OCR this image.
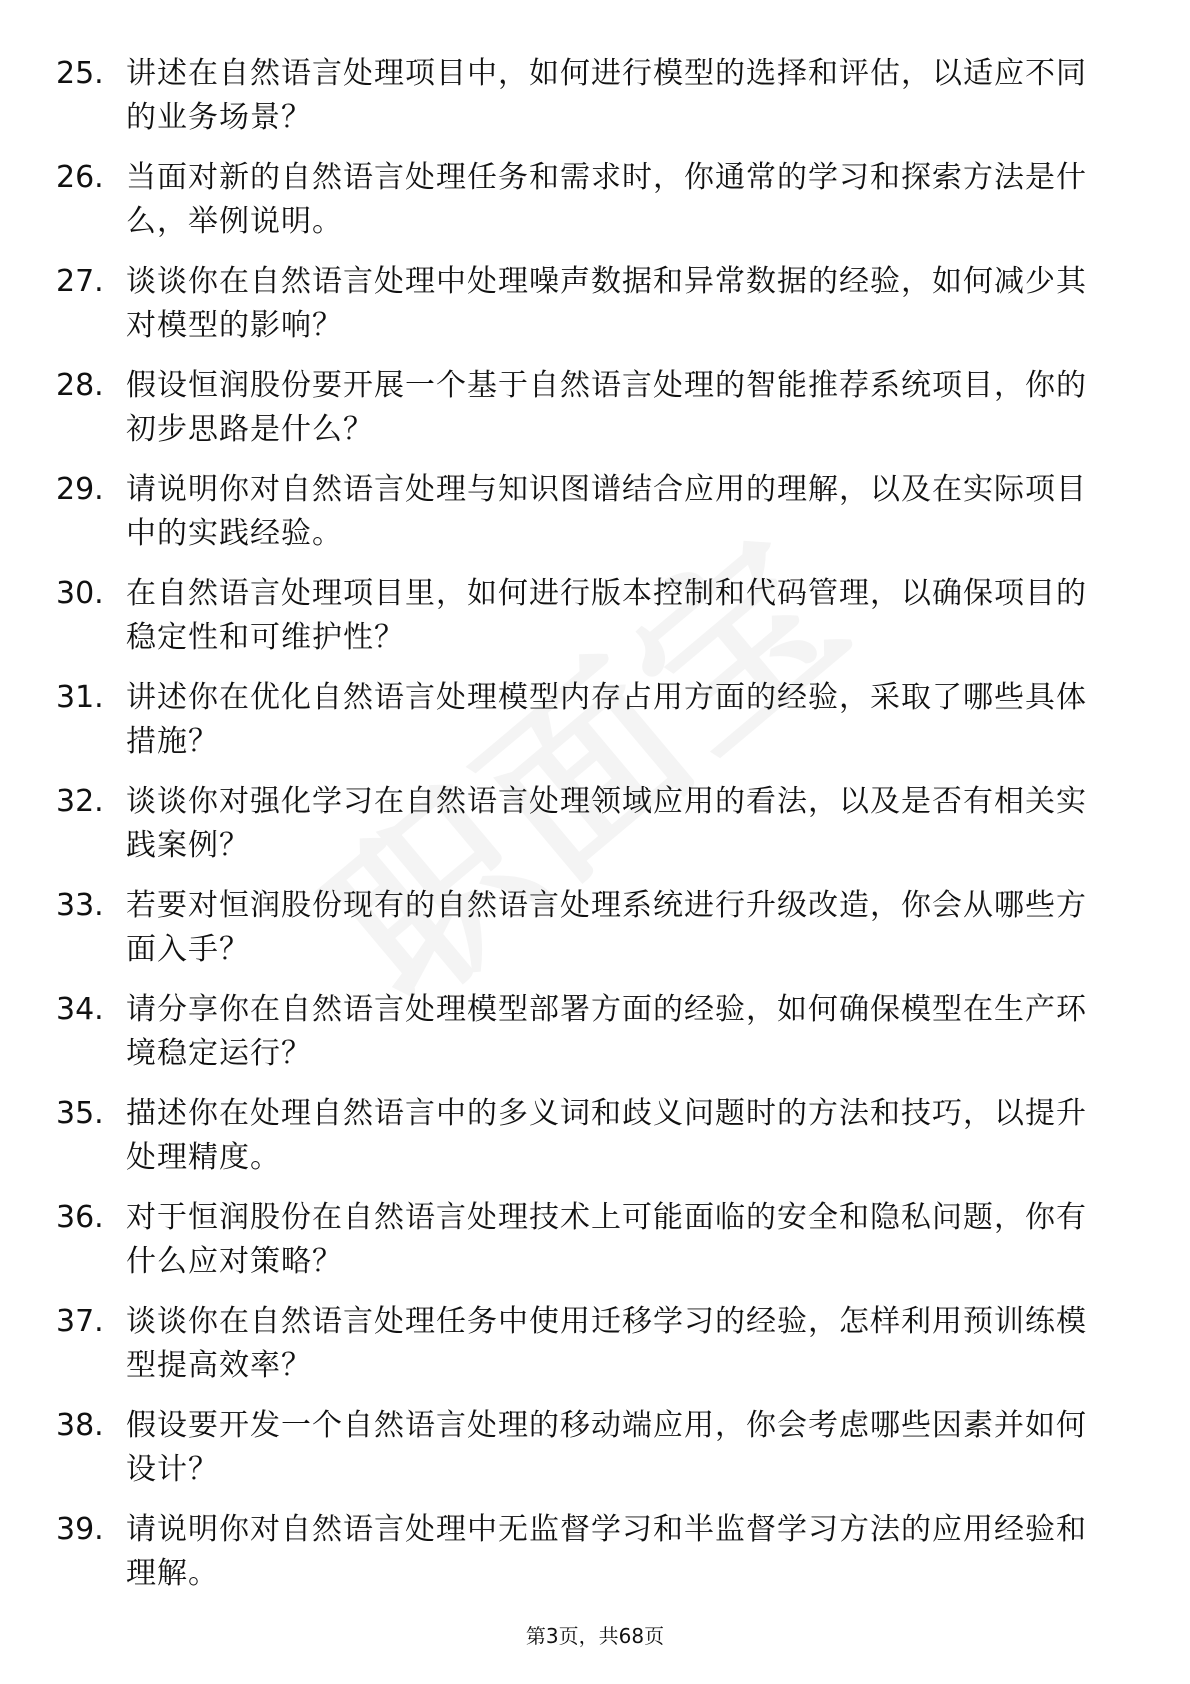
25. 讲述在自然语言处理项目中，如何进行模型的选择和评估，以适应不同的业务场景？
26. 当面对新的自然语言处理任务和需求时，你通常的学习和探索方法是什么，举例说明。
27. 谈谈你在自然语言处理中处理噪声数据和异常数据的经验，如何减少其对模型的影响？
28. 假设恒润股份要开展一个基于自然语言处理的智能推荐系统项目，你的初步思路是什么？
29. 请说明你对自然语言处理与知识图谱结合应用的理解，以及在实际项目中的实践经验。
30. 在自然语言处理项目里，如何进行版本控制和代码管理，以确保项目的稳定性和可维护性？
31. 讲述你在优化自然语言处理模型内存占用方面的经验，采取了哪些具体措施？
32. 谈谈你对强化学习在自然语言处理领域应用的看法，以及是否有相关实践案例？
33. 若要对恒润股份现有的自然语言处理系统进行升级改造，你会从哪些方面入手？
34. 请分享你在自然语言处理模型部署方面的经验，如何确保模型在生产环境稳定运行？
35. 描述你在处理自然语言中的多义词和歧义问题时的方法和技巧，以提升处理精度。
36. 对于恒润股份在自然语言处理技术上可能面临的安全和隐私问题，你有什么应对策略？
37. 谈谈你在自然语言处理任务中使用迁移学习的经验，怎样利用预训练模型提高效率？
38. 假设要开发一个自然语言处理的移动端应用，你会考虑哪些因素并如何设计？
39. 请说明你对自然语言处理中无监督学习和半监督学习方法的应用经验和理解。
第3页，共68页
